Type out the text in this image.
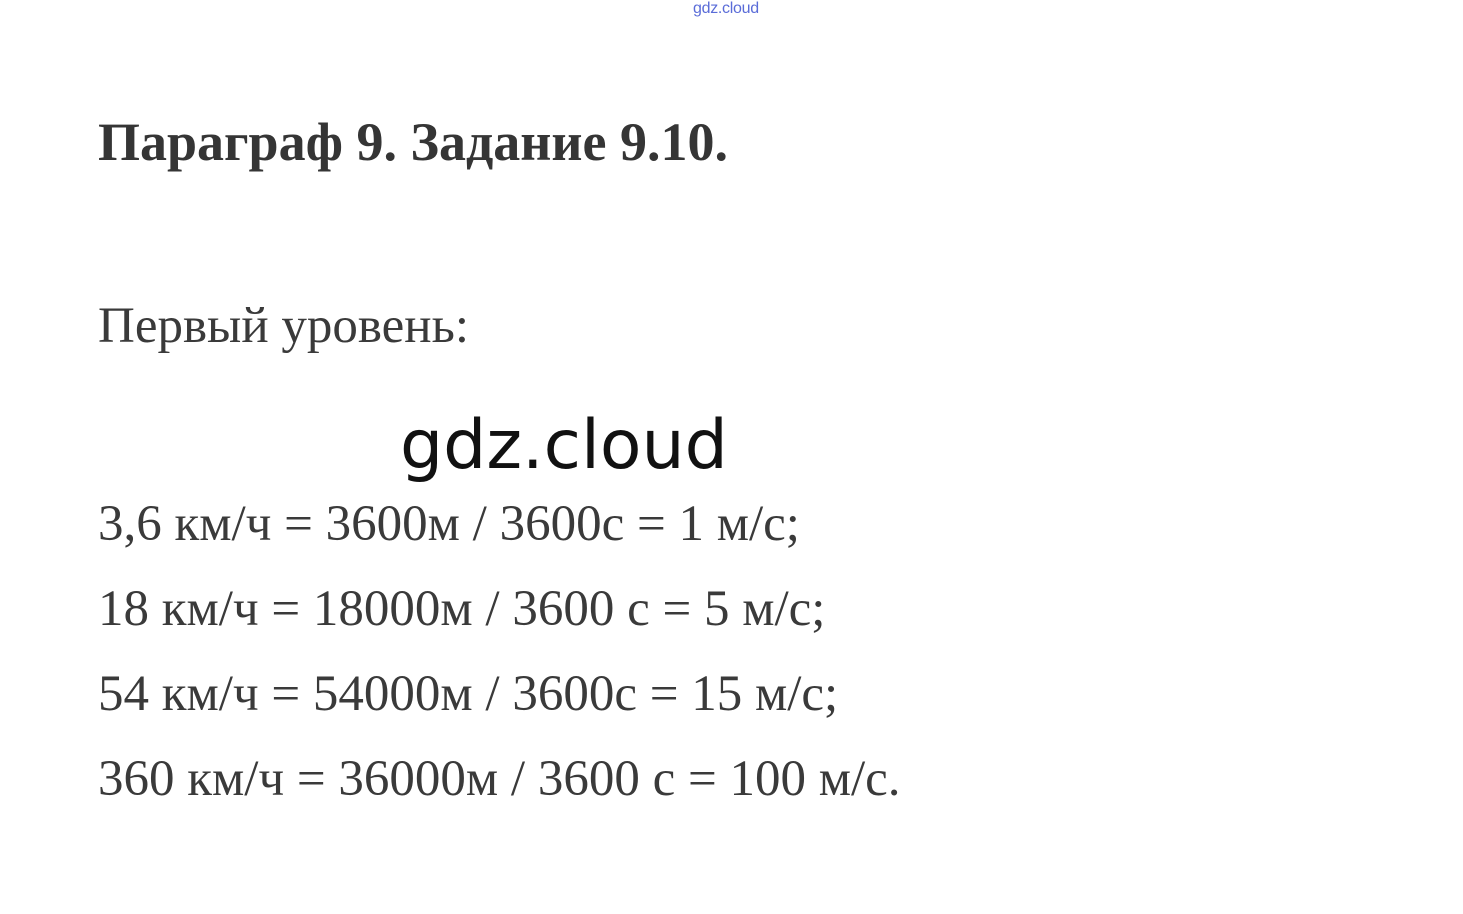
gdz.cloud
Параграф 9. Задание 9.10.
Первый уровень:
gdz.cloud
3,6 км/ч = 3600м / 3600с = 1 м/с;
18 км/ч = 18000м / 3600 с = 5 м/с;
54 км/ч = 54000м / 3600с = 15 м/с;
360 км/ч = 36000м / 3600 с = 100 м/с.
